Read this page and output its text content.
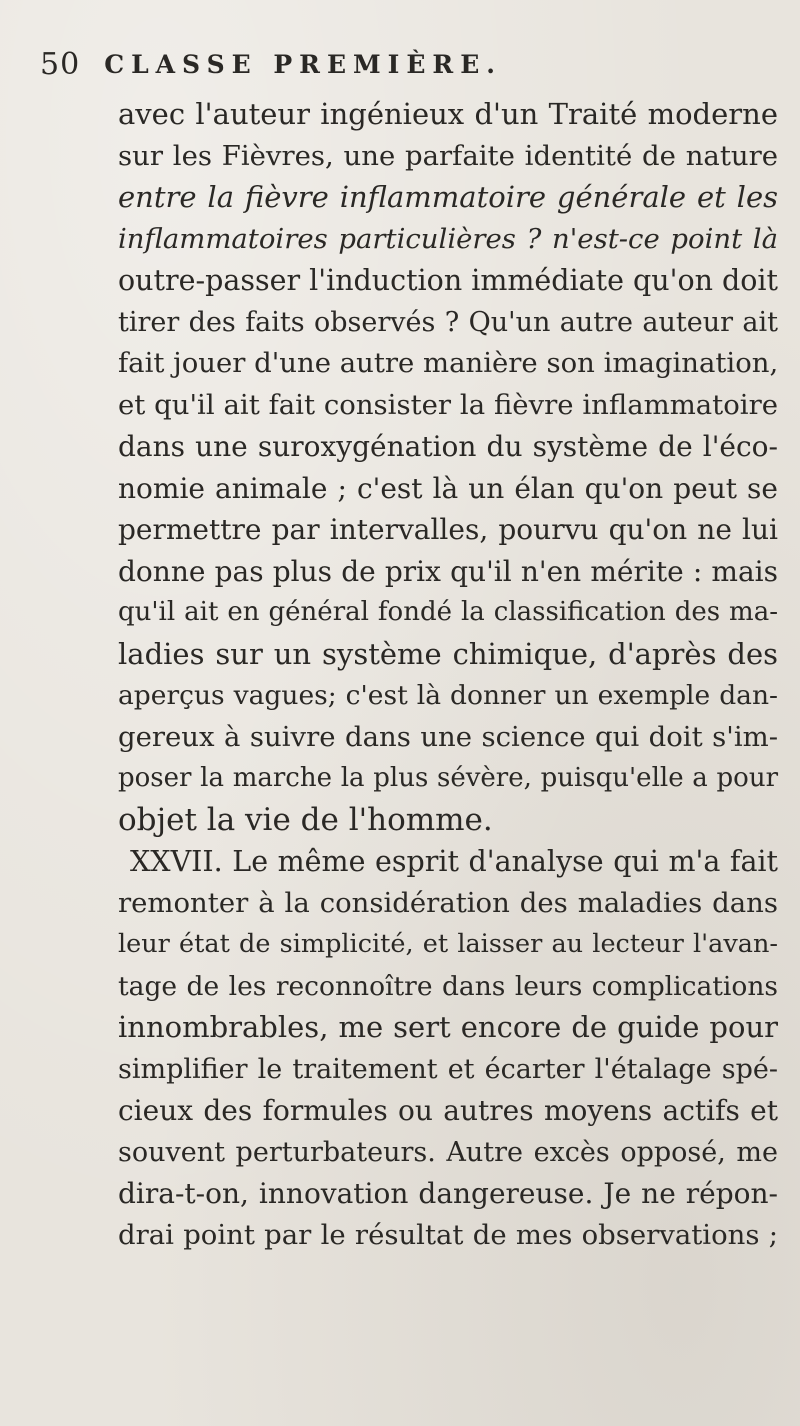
50 CLASSE PREMIÈRE.
avec l'auteur ingénieux d'un Traité moderne
sur les Fièvres, une parfaite identité de nature
entre la fièvre inflammatoire générale et les
inflammatoires particulières ? n'est-ce point là
outre-passer l'induction immédiate qu'on doit
tirer des faits observés ? Qu'un autre auteur ait
fait jouer d'une autre manière son imagination,
et qu'il ait fait consister la fièvre inflammatoire
dans une suroxygénation du système de l'éco-
nomie animale ; c'est là un élan qu'on peut se
permettre par intervalles, pourvu qu'on ne lui
donne pas plus de prix qu'il n'en mérite : mais
qu'il ait en général fondé la classification des ma-
ladies sur un système chimique, d'après des
aperçus vagues; c'est là donner un exemple dan-
gereux à suivre dans une science qui doit s'im-
poser la marche la plus sévère, puisqu'elle a pour
objet la vie de l'homme.
XXVII. Le même esprit d'analyse qui m'a fait
remonter à la considération des maladies dans
leur état de simplicité, et laisser au lecteur l'avan-
tage de les reconnoître dans leurs complications
innombrables, me sert encore de guide pour
simplifier le traitement et écarter l'étalage spé-
cieux des formules ou autres moyens actifs et
souvent perturbateurs. Autre excès opposé, me
dira-t-on, innovation dangereuse. Je ne répon-
drai point par le résultat de mes observations ;
